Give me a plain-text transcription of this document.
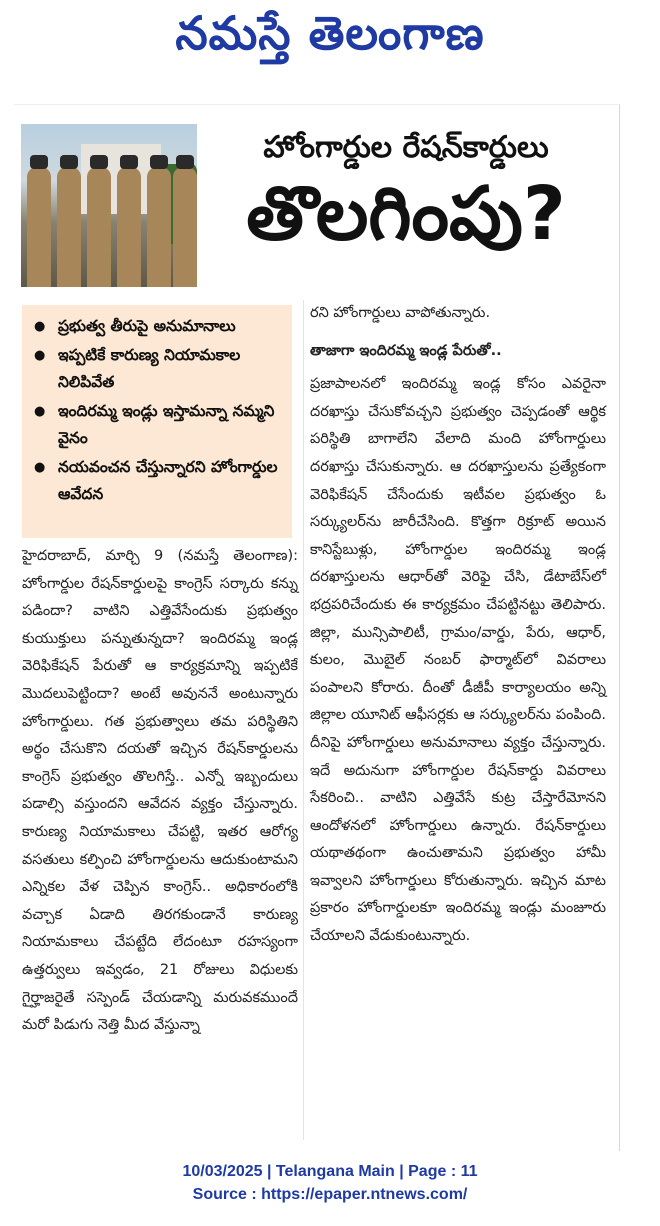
నమస్తే తెలంగాణ
హోంగార్డుల రేషన్‌కార్డులు
తొలగింపు?
● ప్రభుత్వ తీరుపై అనుమానాలు
● ఇప్పటికే కారుణ్య నియామకాల నిలిపివేత
● ఇందిరమ్మ ఇండ్లు ఇస్తామన్నా నమ్మని వైనం
● నయవంచన చేస్తున్నారని హోంగార్డుల ఆవేదన

హైదరాబాద్‌, మార్చి 9 (నమస్తే తెలంగాణ): హోంగార్డుల రేషన్‌కార్డులపై కాంగ్రెస్‌ సర్కారు కన్ను పడిందా? వాటిని ఎత్తివేసేందుకు ప్రభుత్వం కుయుక్తులు పన్నుతున్నదా? ఇందిరమ్మ ఇండ్ల వెరిఫికేషన్‌ పేరుతో ఆ కార్యక్రమాన్ని ఇప్పటికే మొదలుపెట్టిందా? అంటే అవుననే అంటున్నారు హోంగార్డులు. గత ప్రభుత్వాలు తమ పరిస్థితిని అర్థం చేసుకొని దయతో ఇచ్చిన రేషన్‌కార్డులను కాంగ్రెస్‌ ప్రభుత్వం తొలగిస్తే.. ఎన్నో ఇబ్బందులు పడాల్సి వస్తుందని ఆవేదన వ్యక్తం చేస్తున్నారు. కారుణ్య నియామకాలు చేపట్టి, ఇతర ఆరోగ్య వసతులు కల్పించి హోంగార్డులను ఆదుకుంటామని ఎన్నికల వేళ చెప్పిన కాంగ్రెస్‌.. అధికారంలోకి వచ్చాక ఏడాది తిరగకుండానే కారుణ్య నియామకాలు చేపట్టేది లేదంటూ రహస్యంగా ఉత్తర్వులు ఇవ్వడం, 21 రోజులు విధులకు గైర్హాజరైతే సస్పెండ్‌ చేయడాన్ని మరువకముందే మరో పిడుగు నెత్తి మీద వేస్తున్నా

రని హోంగార్డులు వాపోతున్నారు.

తాజాగా ఇందిరమ్మ ఇండ్ల పేరుతో..

ప్రజాపాలనలో ఇందిరమ్మ ఇండ్ల కోసం ఎవరైనా దరఖాస్తు చేసుకోవచ్చని ప్రభుత్వం చెప్పడంతో ఆర్థిక పరిస్థితి బాగాలేని వేలాది మంది హోంగార్డులు దరఖాస్తు చేసుకున్నారు. ఆ దరఖాస్తులను ప్రత్యేకంగా వెరిఫికేషన్‌ చేసేందుకు ఇటీవల ప్రభుత్వం ఓ సర్క్యులర్‌ను జారీచేసింది. కొత్తగా రిక్రూట్‌ అయిన కానిస్టేబుళ్లు, హోంగార్డుల ఇందిరమ్మ ఇండ్ల దరఖాస్తులను ఆధార్‌తో వెరిఫై చేసి, డేటాబేస్‌లో భద్రపరిచేందుకు ఈ కార్యక్రమం చేపట్టినట్టు తెలిపారు. జిల్లా, మున్సిపాలిటీ, గ్రామం/వార్డు, పేరు, ఆధార్‌, కులం, మొబైల్‌ నంబర్‌ ఫార్మాట్‌లో వివరాలు పంపాలని కోరారు. దీంతో డీజీపీ కార్యాలయం అన్ని జిల్లాల యూనిట్‌ ఆఫీసర్లకు ఆ సర్క్యులర్‌ను పంపింది. దీనిపై హోంగార్డులు అనుమానాలు వ్యక్తం చేస్తున్నారు. ఇదే అదునుగా హోంగార్డుల రేషన్‌కార్డు వివరాలు సేకరించి.. వాటిని ఎత్తివేసే కుట్ర చేస్తారేమోనని ఆందోళనలో హోంగార్డులు ఉన్నారు. రేషన్‌కార్డులు యథాతథంగా ఉంచుతామని ప్రభుత్వం హామీ ఇవ్వాలని హోంగార్డులు కోరుతున్నారు. ఇచ్చిన మాట ప్రకారం హోంగార్డులకూ ఇందిరమ్మ ఇండ్లు మంజూరు చేయాలని వేడుకుంటున్నారు.

10/03/2025 | Telangana Main | Page : 11
Source : https://epaper.ntnews.com/
